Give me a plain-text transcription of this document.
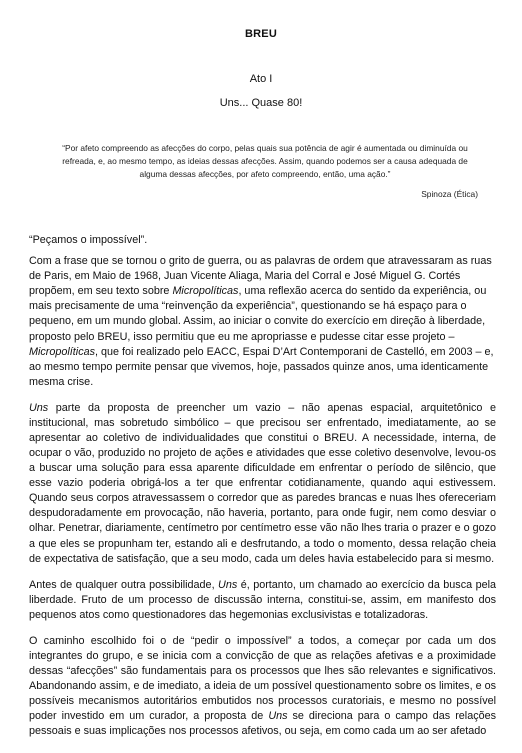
BREU
Ato I
Uns... Quase 80!
“Por afeto compreendo as afecções do corpo, pelas quais sua potência de agir é aumentada ou diminuída ou refreada, e, ao mesmo tempo, as ideias dessas afecções. Assim, quando podemos ser a causa adequada de alguma dessas afecções, por afeto compreendo, então, uma ação.”
Spinoza (Ética)

“Peçamos o impossível”.

Com a frase que se tornou o grito de guerra, ou as palavras de ordem que atravessaram as ruas de Paris, em Maio de 1968, Juan Vicente Aliaga, Maria del Corral e José Miguel G. Cortés propõem, em seu texto sobre Micropolíticas, uma reflexão acerca do sentido da experiência, ou mais precisamente de uma “reinvenção da experiência”, questionando se há espaço para o pequeno, em um mundo global. Assim, ao iniciar o convite do exercício em direção à liberdade, proposto pelo BREU, isso permitiu que eu me apropriasse e pudesse citar esse projeto – Micropolíticas, que foi realizado pelo EACC, Espai D’Art Contemporani de Castelló, em 2003 – e, ao mesmo tempo permite pensar que vivemos, hoje, passados quinze anos, uma identicamente mesma crise.

Uns parte da proposta de preencher um vazio – não apenas espacial, arquitetônico e institucional, mas sobretudo simbólico – que precisou ser enfrentado, imediatamente, ao se apresentar ao coletivo de individualidades que constitui o BREU. A necessidade, interna, de ocupar o vão, produzido no projeto de ações e atividades que esse coletivo desenvolve, levou-os a buscar uma solução para essa aparente dificuldade em enfrentar o período de silêncio, que esse vazio poderia obrigá-los a ter que enfrentar cotidianamente, quando aqui estivessem. Quando seus corpos atravessassem o corredor que as paredes brancas e nuas lhes ofereceriam despudoradamente em provocação, não haveria, portanto, para onde fugir, nem como desviar o olhar. Penetrar, diariamente, centímetro por centímetro esse vão não lhes traria o prazer e o gozo a que eles se propunham ter, estando ali e desfrutando, a todo o momento, dessa relação cheia de expectativa de satisfação, que a seu modo, cada um deles havia estabelecido para si mesmo.

Antes de qualquer outra possibilidade, Uns é, portanto, um chamado ao exercício da busca pela liberdade. Fruto de um processo de discussão interna, constitui-se, assim, em manifesto dos pequenos atos como questionadores das hegemonias exclusivistas e totalizadoras.

O caminho escolhido foi o de “pedir o impossível” a todos, a começar por cada um dos integrantes do grupo, e se inicia com a convicção de que as relações afetivas e a proximidade dessas “afecções” são fundamentais para os processos que lhes são relevantes e significativos. Abandonando assim, e de imediato, a ideia de um possível questionamento sobre os limites, e os possíveis mecanismos autoritários embutidos nos processos curatoriais, e mesmo no possível poder investido em um curador, a proposta de Uns se direciona para o campo das relações pessoais e suas implicações nos processos afetivos, ou seja, em como cada um ao ser afetado
